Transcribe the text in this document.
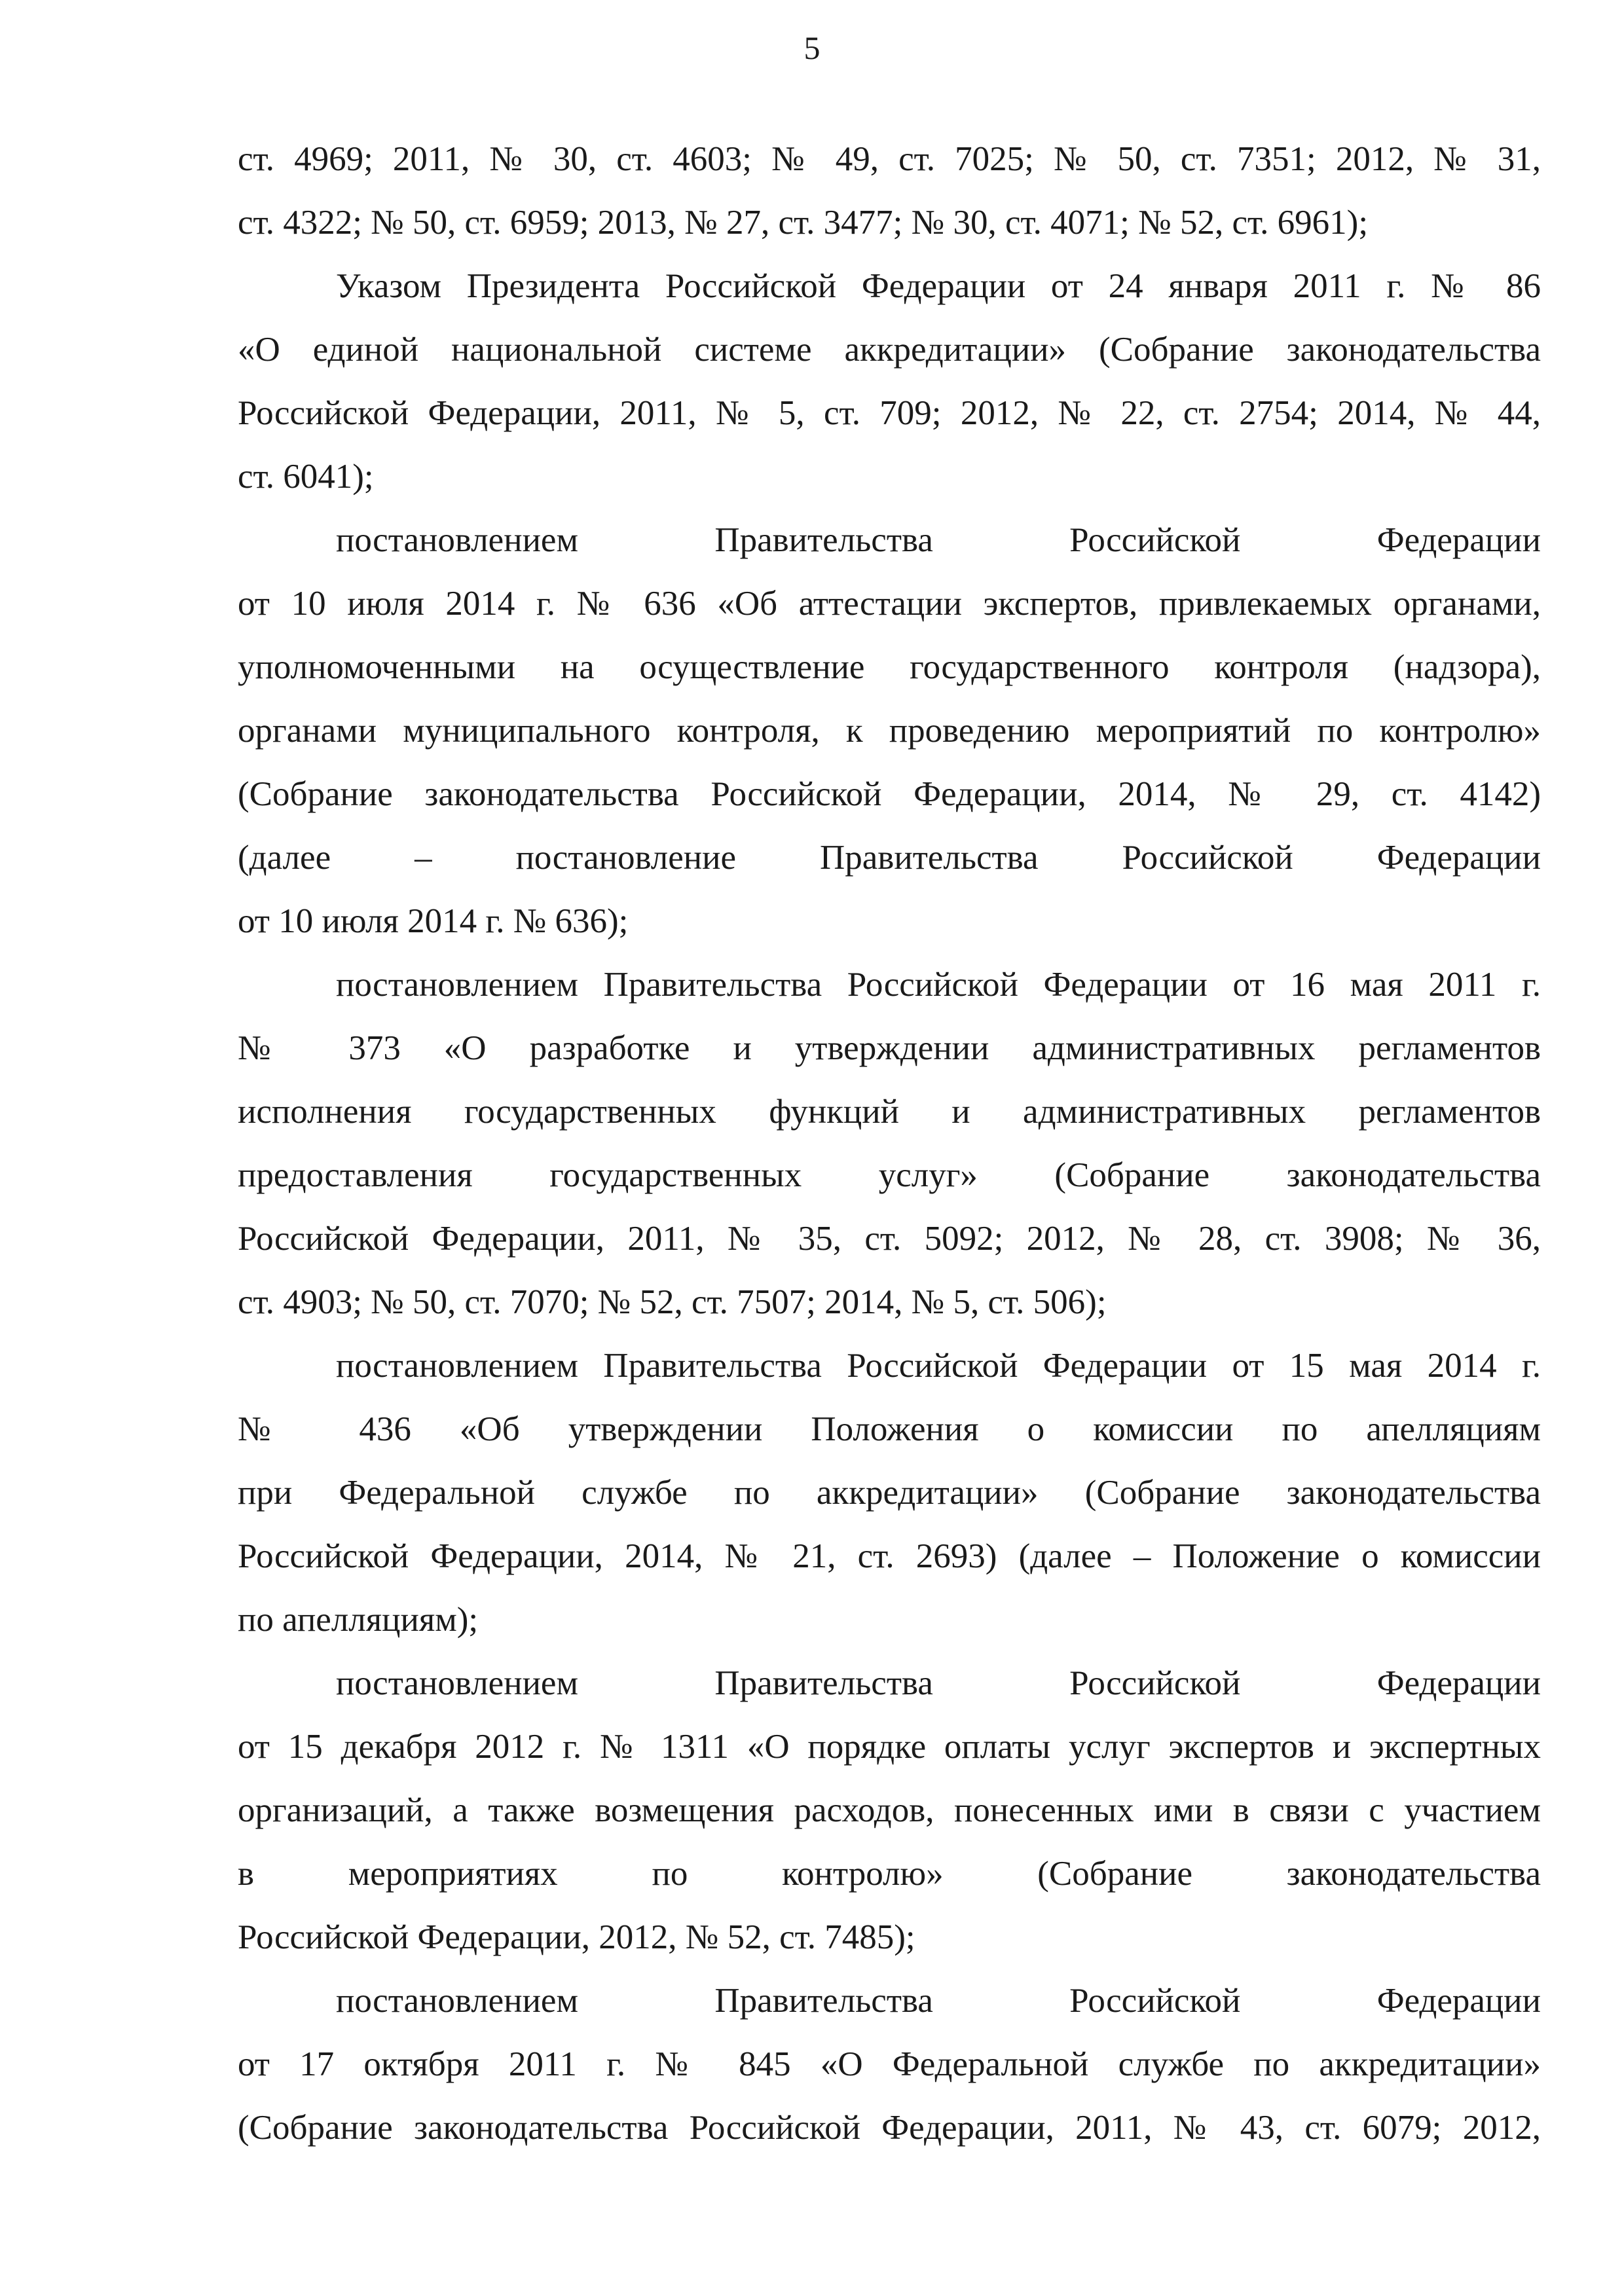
5
ст. 4969; 2011, № 30, ст. 4603; № 49, ст. 7025; № 50, ст. 7351; 2012, № 31,
ст. 4322; № 50, ст. 6959; 2013, № 27, ст. 3477; № 30, ст. 4071; № 52, ст. 6961);
Указом Президента Российской Федерации от 24 января 2011 г. № 86
«О единой национальной системе аккредитации» (Собрание законодательства
Российской Федерации, 2011, № 5, ст. 709; 2012, № 22, ст. 2754; 2014, № 44,
ст. 6041);
постановлением Правительства Российской Федерации
от 10 июля 2014 г. № 636 «Об аттестации экспертов, привлекаемых органами,
уполномоченными на осуществление государственного контроля (надзора),
органами муниципального контроля, к проведению мероприятий по контролю»
(Собрание законодательства Российской Федерации, 2014, № 29, ст. 4142)
(далее – постановление Правительства Российской Федерации
от 10 июля 2014 г. № 636);
постановлением Правительства Российской Федерации от 16 мая 2011 г.
№ 373 «О разработке и утверждении административных регламентов
исполнения государственных функций и административных регламентов
предоставления государственных услуг» (Собрание законодательства
Российской Федерации, 2011, № 35, ст. 5092; 2012, № 28, ст. 3908; № 36,
ст. 4903; № 50, ст. 7070; № 52, ст. 7507; 2014, № 5, ст. 506);
постановлением Правительства Российской Федерации от 15 мая 2014 г.
№ 436 «Об утверждении Положения о комиссии по апелляциям
при Федеральной службе по аккредитации» (Собрание законодательства
Российской Федерации, 2014, № 21, ст. 2693) (далее – Положение о комиссии
по апелляциям);
постановлением Правительства Российской Федерации
от 15 декабря 2012 г. № 1311 «О порядке оплаты услуг экспертов и экспертных
организаций, а также возмещения расходов, понесенных ими в связи с участием
в мероприятиях по контролю» (Собрание законодательства
Российской Федерации, 2012, № 52, ст. 7485);
постановлением Правительства Российской Федерации
от 17 октября 2011 г. № 845 «О Федеральной службе по аккредитации»
(Собрание законодательства Российской Федерации, 2011, № 43, ст. 6079; 2012,
